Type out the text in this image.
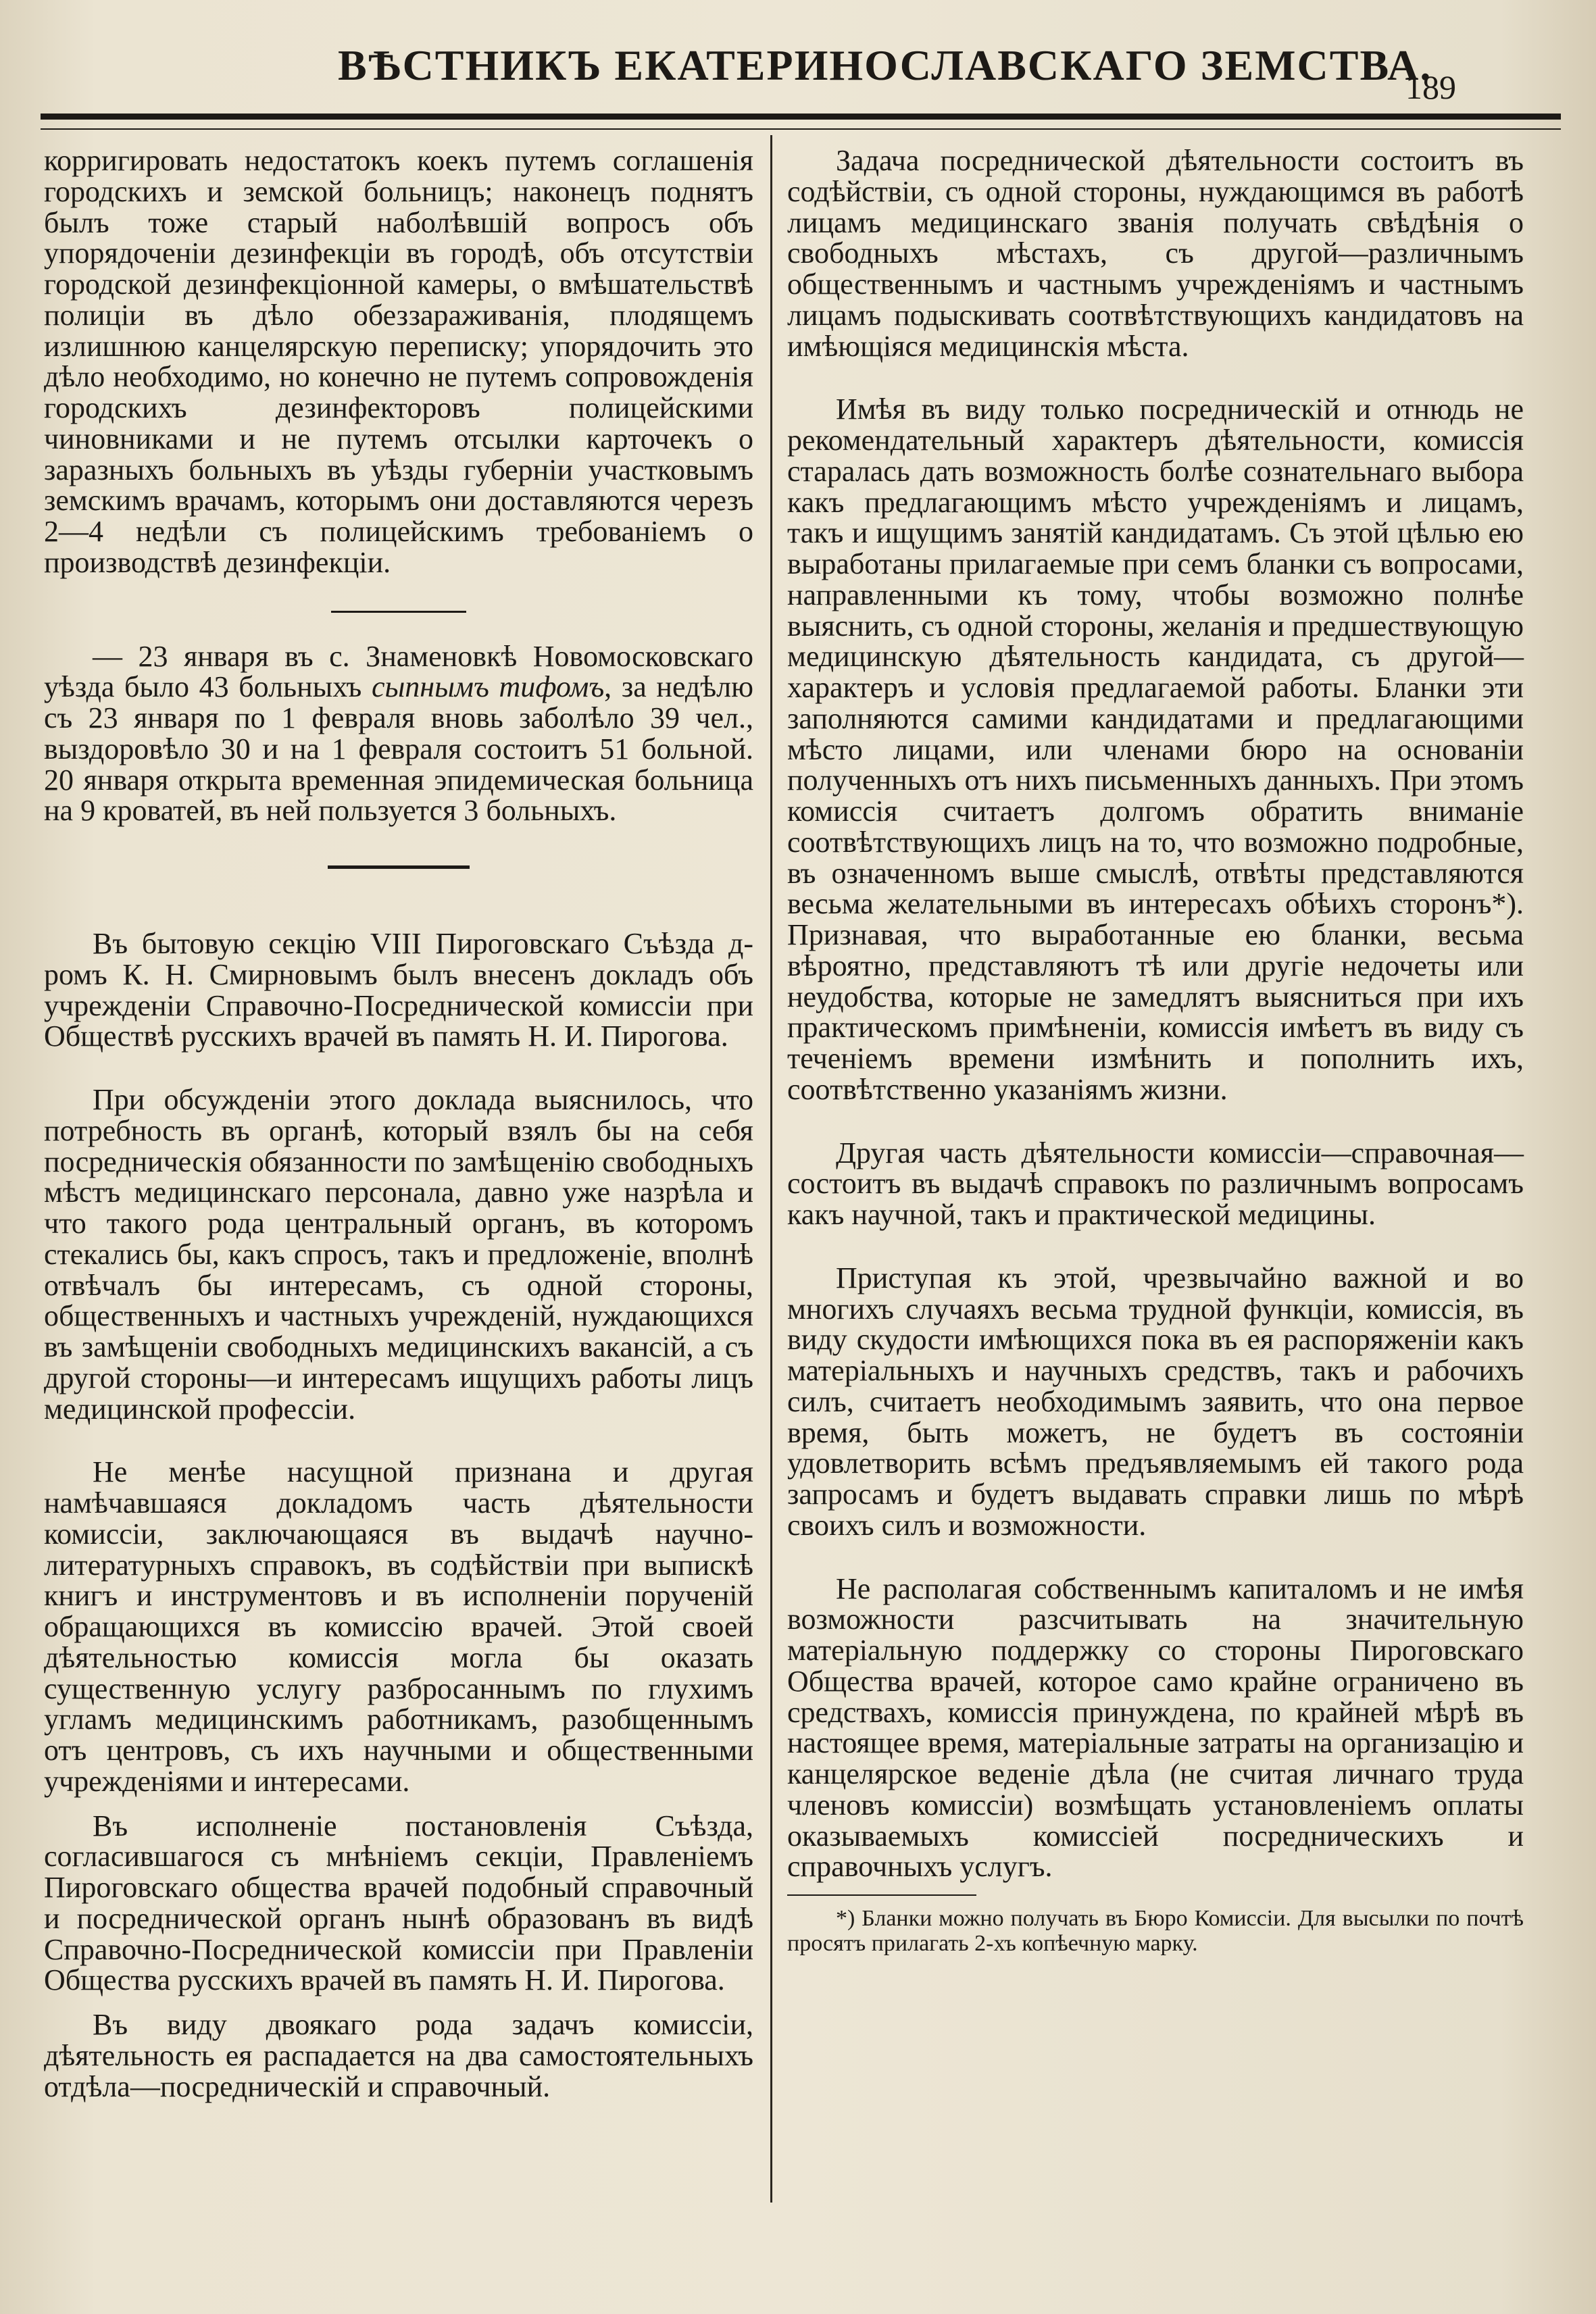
ВѢСТНИКЪ ЕКАТЕРИНОСЛАВСКАГО ЗЕМСТВА.
189

корригировать недостатокъ коекъ путемъ соглашенія городскихъ и земской больницъ; наконецъ поднятъ былъ тоже старый наболѣвшій вопросъ объ упорядоченіи дезинфекціи въ городѣ, объ отсутствіи городской дезинфекціонной камеры, о вмѣшательствѣ полиціи въ дѣло обеззараживанія, плодящемъ излишнюю канцелярскую переписку; упорядочить это дѣло необходимо, но конечно не путемъ сопровожденія городскихъ дезинфекторовъ полицейскими чиновниками и не путемъ отсылки карточекъ о заразныхъ больныхъ въ уѣзды губерніи участковымъ земскимъ врачамъ, которымъ они доставляются черезъ 2—4 недѣли съ полицейскимъ требованіемъ о производствѣ дезинфекціи.

— 23 января въ с. Знаменовкѣ Новомосковскаго уѣзда было 43 больныхъ сыпнымъ тифомъ, за недѣлю съ 23 января по 1 февраля вновь заболѣло 39 чел., выздоровѣло 30 и на 1 февраля состоитъ 51 больной. 20 января открыта временная эпидемическая больница на 9 кроватей, въ ней пользуется 3 больныхъ.

Въ бытовую секцію VIII Пироговскаго Съѣзда д-ромъ К. Н. Смирновымъ былъ внесенъ докладъ объ учрежденіи Справочно-Посреднической комиссіи при Обществѣ русскихъ врачей въ память Н. И. Пирогова.

При обсужденіи этого доклада выяснилось, что потребность въ органѣ, который взялъ бы на себя посредническія обязанности по замѣщенію свободныхъ мѣстъ медицинскаго персонала, давно уже назрѣла и что такого рода центральный органъ, въ которомъ стекались бы, какъ спросъ, такъ и предложеніе, вполнѣ отвѣчалъ бы интересамъ, съ одной стороны, общественныхъ и частныхъ учрежденій, нуждающихся въ замѣщеніи свободныхъ медицинскихъ вакансій, а съ другой стороны—и интересамъ ищущихъ работы лицъ медицинской профессіи.

Не менѣе насущной признана и другая намѣчавшаяся докладомъ часть дѣятельности комиссіи, заключающаяся въ выдачѣ научно-литературныхъ справокъ, въ содѣйствіи при выпискѣ книгъ и инструментовъ и въ исполненіи порученій обращающихся въ комиссію врачей. Этой своей дѣятельностью комиссія могла бы оказать существенную услугу разбросаннымъ по глухимъ угламъ медицинскимъ работникамъ, разобщеннымъ отъ центровъ, съ ихъ научными и общественными учрежденіями и интересами.

Въ исполненіе постановленія Съѣзда, согласившагося съ мнѣніемъ секціи, Правленіемъ Пироговскаго общества врачей подобный справочный и посреднической органъ нынѣ образованъ въ видѣ Справочно-Посреднической комиссіи при Правленіи Общества русскихъ врачей въ память Н. И. Пирогова.

Въ виду двоякаго рода задачъ комиссіи, дѣятельность ея распадается на два самостоятельныхъ отдѣла—посредническій и справочный.

Задача посреднической дѣятельности состоитъ въ содѣйствіи, съ одной стороны, нуждающимся въ работѣ лицамъ медицинскаго званія получать свѣдѣнія о свободныхъ мѣстахъ, съ другой—различнымъ общественнымъ и частнымъ учрежденіямъ и частнымъ лицамъ подыскивать соотвѣтствующихъ кандидатовъ на имѣющіяся медицинскія мѣста.

Имѣя въ виду только посредническій и отнюдь не рекомендательный характеръ дѣятельности, комиссія старалась дать возможность болѣе сознательнаго выбора какъ предлагающимъ мѣсто учрежденіямъ и лицамъ, такъ и ищущимъ занятій кандидатамъ. Съ этой цѣлью ею выработаны прилагаемые при семъ бланки съ вопросами, направленными къ тому, чтобы возможно полнѣе выяснить, съ одной стороны, желанія и предшествующую медицинскую дѣятельность кандидата, съ другой—характеръ и условія предлагаемой работы. Бланки эти заполняются самими кандидатами и предлагающими мѣсто лицами, или членами бюро на основаніи полученныхъ отъ нихъ письменныхъ данныхъ. При этомъ комиссія считаетъ долгомъ обратить вниманіе соотвѣтствующихъ лицъ на то, что возможно подробные, въ означенномъ выше смыслѣ, отвѣты представляются весьма желательными въ интересахъ обѣихъ сторонъ*). Признавая, что выработанные ею бланки, весьма вѣроятно, представляютъ тѣ или другіе недочеты или неудобства, которые не замедлятъ выясниться при ихъ практическомъ примѣненіи, комиссія имѣетъ въ виду съ теченіемъ времени измѣнить и пополнить ихъ, соотвѣтственно указаніямъ жизни.

Другая часть дѣятельности комиссіи—справочная—состоитъ въ выдачѣ справокъ по различнымъ вопросамъ какъ научной, такъ и практической медицины.

Приступая къ этой, чрезвычайно важной и во многихъ случаяхъ весьма трудной функціи, комиссія, въ виду скудости имѣющихся пока въ ея распоряженіи какъ матеріальныхъ и научныхъ средствъ, такъ и рабочихъ силъ, считаетъ необходимымъ заявить, что она первое время, быть можетъ, не будетъ въ состояніи удовлетворить всѣмъ предъявляемымъ ей такого рода запросамъ и будетъ выдавать справки лишь по мѣрѣ своихъ силъ и возможности.

Не располагая собственнымъ капиталомъ и не имѣя возможности разсчитывать на значительную матеріальную поддержку со стороны Пироговскаго Общества врачей, которое само крайне ограничено въ средствахъ, комиссія принуждена, по крайней мѣрѣ въ настоящее время, матеріальные затраты на организацію и канцелярское веденіе дѣла (не считая личнаго труда членовъ комиссіи) возмѣщать установленіемъ оплаты оказываемыхъ комиссіей посредническихъ и справочныхъ услугъ.

*) Бланки можно получать въ Бюро Комиссіи. Для высылки по почтѣ просятъ прилагать 2-хъ копѣечную марку.
